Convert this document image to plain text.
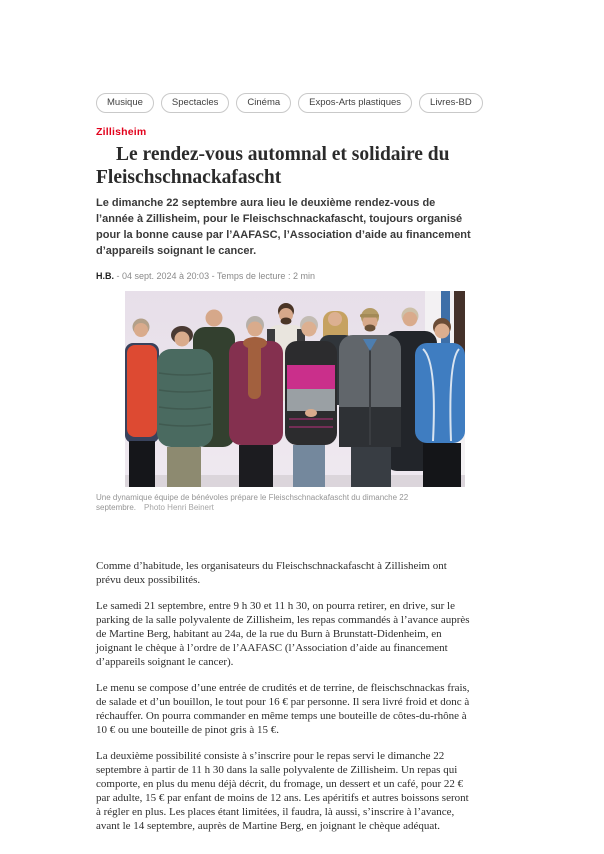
Musique	Spectacles	Cinéma	Expos-Arts plastiques	Livres-BD
Zillisheim
Le rendez-vous automnal et solidaire du Fleischschnackafascht

Le dimanche 22 septembre aura lieu le deuxième rendez-vous de l’année à Zillisheim, pour le Fleischschnackafascht, toujours organisé pour la bonne cause par l’AAFASC, l’Association d’aide au financement d’appareils soignant le cancer.

H.B. - 04 sept. 2024 à 20:03 - Temps de lecture : 2 min
Une dynamique équipe de bénévoles prépare le Fleischschnackafascht du dimanche 22 septembre. Photo Henri Beinert

Comme d’habitude, les organisateurs du Fleischschnackafascht à Zillisheim ont prévu deux possibilités.

Le samedi 21 septembre, entre 9 h 30 et 11 h 30, on pourra retirer, en drive, sur le parking de la salle polyvalente de Zillisheim, les repas commandés à l’avance auprès de Martine Berg, habitant au 24a, de la rue du Burn à Brunstatt-Didenheim, en joignant le chèque à l’ordre de l’AAFASC (l’Association d’aide au financement d’appareils soignant le cancer).

Le menu se compose d’une entrée de crudités et de terrine, de fleischschnackas frais, de salade et d’un bouillon, le tout pour 16 € par personne. Il sera livré froid et donc à réchauffer. On pourra commander en même temps une bouteille de côtes-du-rhône à 10 € ou une bouteille de pinot gris à 15 €.

La deuxième possibilité consiste à s’inscrire pour le repas servi le dimanche 22 septembre à partir de 11 h 30 dans la salle polyvalente de Zillisheim. Un repas qui comporte, en plus du menu déjà décrit, du fromage, un dessert et un café, pour 22 € par adulte, 15 € par enfant de moins de 12 ans. Les apéritifs et autres boissons seront à régler en plus. Les places étant limitées, il faudra, là aussi, s’inscrire à l’avance, avant le 14 septembre, auprès de Martine Berg, en joignant le chèque adéquat.
